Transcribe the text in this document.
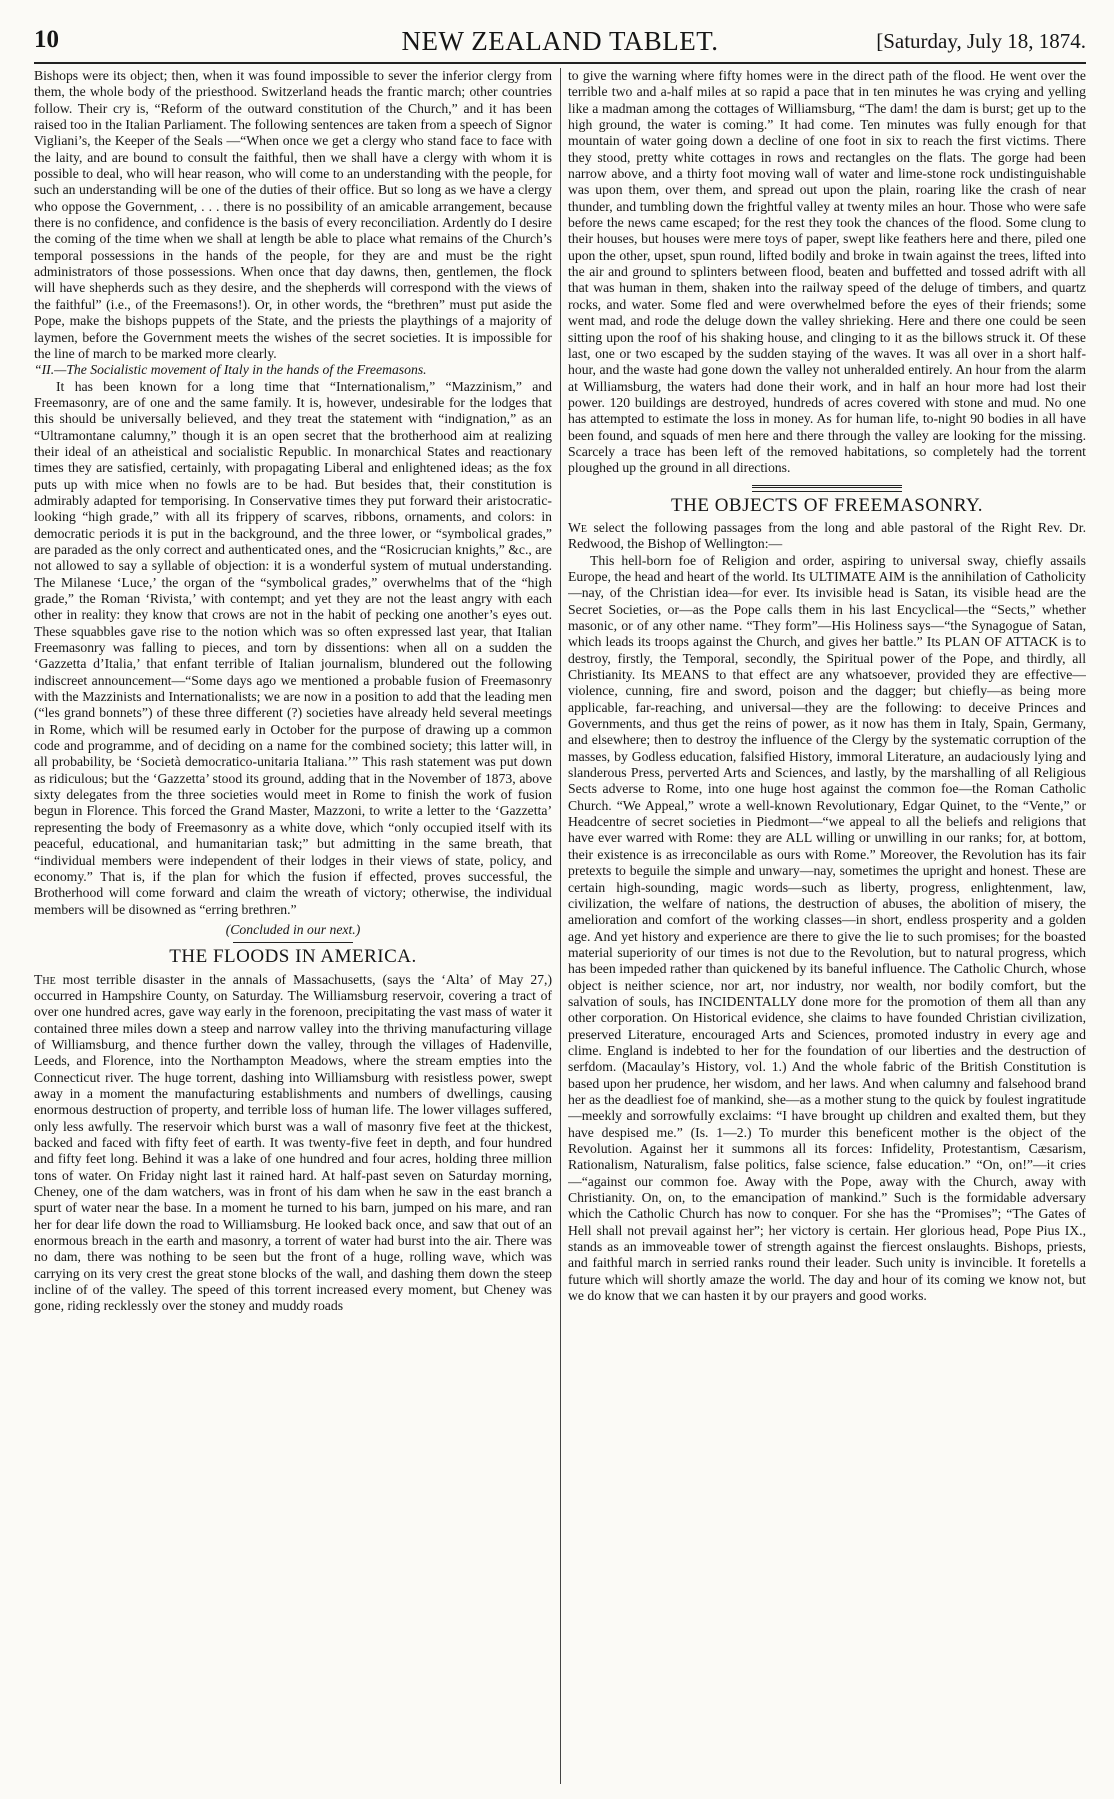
10	NEW ZEALAND TABLET.	[Saturday, July 18, 1874.

Bishops were its object; then, when it was found impossible to sever the inferior clergy from them, the whole body of the priesthood. Switzerland heads the frantic march; other countries follow. Their cry is, “Reform of the outward constitution of the Church,” and it has been raised too in the Italian Parliament. The following sentences are taken from a speech of Signor Vigliani’s, the Keeper of the Seals —“When once we get a clergy who stand face to face with the laity, and are bound to consult the faithful, then we shall have a clergy with whom it is possible to deal, who will hear reason, who will come to an understanding with the people, for such an understanding will be one of the duties of their office. But so long as we have a clergy who oppose the Government, . . . there is no possibility of an amicable arrangement, because there is no confidence, and confidence is the basis of every reconciliation. Ardently do I desire the coming of the time when we shall at length be able to place what remains of the Church’s temporal possessions in the hands of the people, for they are and must be the right administrators of those possessions. When once that day dawns, then, gentlemen, the flock will have shepherds such as they desire, and the shepherds will correspond with the views of the faithful” (i.e., of the Freemasons!). Or, in other words, the “brethren” must put aside the Pope, make the bishops puppets of the State, and the priests the playthings of a majority of laymen, before the Government meets the wishes of the secret societies. It is impossible for the line of march to be marked more clearly.

“II.—The Socialistic movement of Italy in the hands of the Freemasons.

It has been known for a long time that “Internationalism,” “Mazzinism,” and Freemasonry, are of one and the same family. It is, however, undesirable for the lodges that this should be universally believed, and they treat the statement with “indignation,” as an “Ultramontane calumny,” though it is an open secret that the brotherhood aim at realizing their ideal of an atheistical and socialistic Republic. In monarchical States and reactionary times they are satisfied, certainly, with propagating Liberal and enlightened ideas; as the fox puts up with mice when no fowls are to be had. But besides that, their constitution is admirably adapted for temporising. In Conservative times they put forward their aristocratic-looking “high grade,” with all its frippery of scarves, ribbons, ornaments, and colors: in democratic periods it is put in the background, and the three lower, or “symbolical grades,” are paraded as the only correct and authenticated ones, and the “Rosicrucian knights,” &c., are not allowed to say a syllable of objection: it is a wonderful system of mutual understanding. The Milanese ‘Luce,’ the organ of the “symbolical grades,” overwhelms that of the “high grade,” the Roman ‘Rivista,’ with contempt; and yet they are not the least angry with each other in reality: they know that crows are not in the habit of pecking one another’s eyes out. These squabbles gave rise to the notion which was so often expressed last year, that Italian Freemasonry was falling to pieces, and torn by dissentions: when all on a sudden the ‘Gazzetta d’Italia,’ that enfant terrible of Italian journalism, blundered out the following indiscreet announcement—“Some days ago we mentioned a probable fusion of Freemasonry with the Mazzinists and Internationalists; we are now in a position to add that the leading men (“les grand bonnets”) of these three different (?) societies have already held several meetings in Rome, which will be resumed early in October for the purpose of drawing up a common code and programme, and of deciding on a name for the combined society; this latter will, in all probability, be ‘Società democratico-unitaria Italiana.’” This rash statement was put down as ridiculous; but the ‘Gazzetta’ stood its ground, adding that in the November of 1873, above sixty delegates from the three societies would meet in Rome to finish the work of fusion begun in Florence. This forced the Grand Master, Mazzoni, to write a letter to the ‘Gazzetta’ representing the body of Freemasonry as a white dove, which “only occupied itself with its peaceful, educational, and humanitarian task;” but admitting in the same breath, that “individual members were independent of their lodges in their views of state, policy, and economy.” That is, if the plan for which the fusion if effected, proves successful, the Brotherhood will come forward and claim the wreath of victory; otherwise, the individual members will be disowned as “erring brethren.”

(Concluded in our next.)

THE FLOODS IN AMERICA.

The most terrible disaster in the annals of Massachusetts, (says the ‘Alta’ of May 27,) occurred in Hampshire County, on Saturday. The Williamsburg reservoir, covering a tract of over one hundred acres, gave way early in the forenoon, precipitating the vast mass of water it contained three miles down a steep and narrow valley into the thriving manufacturing village of Williamsburg, and thence further down the valley, through the villages of Hadenville, Leeds, and Florence, into the Northampton Meadows, where the stream empties into the Connecticut river. The huge torrent, dashing into Williamsburg with resistless power, swept away in a moment the manufacturing establishments and numbers of dwellings, causing enormous destruction of property, and terrible loss of human life. The lower villages suffered, only less awfully. The reservoir which burst was a wall of masonry five feet at the thickest, backed and faced with fifty feet of earth. It was twenty-five feet in depth, and four hundred and fifty feet long. Behind it was a lake of one hundred and four acres, holding three million tons of water. On Friday night last it rained hard. At half-past seven on Saturday morning, Cheney, one of the dam watchers, was in front of his dam when he saw in the east branch a spurt of water near the base. In a moment he turned to his barn, jumped on his mare, and ran her for dear life down the road to Williamsburg. He looked back once, and saw that out of an enormous breach in the earth and masonry, a torrent of water had burst into the air. There was no dam, there was nothing to be seen but the front of a huge, rolling wave, which was carrying on its very crest the great stone blocks of the wall, and dashing them down the steep incline of of the valley. The speed of this torrent increased every moment, but Cheney was gone, riding recklessly over the stoney and muddy roads

to give the warning where fifty homes were in the direct path of the flood. He went over the terrible two and a-half miles at so rapid a pace that in ten minutes he was crying and yelling like a madman among the cottages of Williamsburg, “The dam! the dam is burst; get up to the high ground, the water is coming.” It had come. Ten minutes was fully enough for that mountain of water going down a decline of one foot in six to reach the first victims. There they stood, pretty white cottages in rows and rectangles on the flats. The gorge had been narrow above, and a thirty foot moving wall of water and lime-stone rock undistinguishable was upon them, over them, and spread out upon the plain, roaring like the crash of near thunder, and tumbling down the frightful valley at twenty miles an hour. Those who were safe before the news came escaped; for the rest they took the chances of the flood. Some clung to their houses, but houses were mere toys of paper, swept like feathers here and there, piled one upon the other, upset, spun round, lifted bodily and broke in twain against the trees, lifted into the air and ground to splinters between flood, beaten and buffetted and tossed adrift with all that was human in them, shaken into the railway speed of the deluge of timbers, and quartz rocks, and water. Some fled and were overwhelmed before the eyes of their friends; some went mad, and rode the deluge down the valley shrieking. Here and there one could be seen sitting upon the roof of his shaking house, and clinging to it as the billows struck it. Of these last, one or two escaped by the sudden staying of the waves. It was all over in a short half-hour, and the waste had gone down the valley not unheralded entirely. An hour from the alarm at Williamsburg, the waters had done their work, and in half an hour more had lost their power. 120 buildings are destroyed, hundreds of acres covered with stone and mud. No one has attempted to estimate the loss in money. As for human life, to-night 90 bodies in all have been found, and squads of men here and there through the valley are looking for the missing. Scarcely a trace has been left of the removed habitations, so completely had the torrent ploughed up the ground in all directions.

THE OBJECTS OF FREEMASONRY.

We select the following passages from the long and able pastoral of the Right Rev. Dr. Redwood, the Bishop of Wellington:—

This hell-born foe of Religion and order, aspiring to universal sway, chiefly assails Europe, the head and heart of the world. Its ULTIMATE AIM is the annihilation of Catholicity—nay, of the Christian idea—for ever. Its invisible head is Satan, its visible head are the Secret Societies, or—as the Pope calls them in his last Encyclical—the “Sects,” whether masonic, or of any other name. “They form”—His Holiness says—“the Synagogue of Satan, which leads its troops against the Church, and gives her battle.” Its PLAN OF ATTACK is to destroy, firstly, the Temporal, secondly, the Spiritual power of the Pope, and thirdly, all Christianity. Its MEANS to that effect are any whatsoever, provided they are effective—violence, cunning, fire and sword, poison and the dagger; but chiefly—as being more applicable, far-reaching, and universal—they are the following: to deceive Princes and Governments, and thus get the reins of power, as it now has them in Italy, Spain, Germany, and elsewhere; then to destroy the influence of the Clergy by the systematic corruption of the masses, by Godless education, falsified History, immoral Literature, an audaciously lying and slanderous Press, perverted Arts and Sciences, and lastly, by the marshalling of all Religious Sects adverse to Rome, into one huge host against the common foe—the Roman Catholic Church. “We Appeal,” wrote a well-known Revolutionary, Edgar Quinet, to the “Vente,” or Headcentre of secret societies in Piedmont—“we appeal to all the beliefs and religions that have ever warred with Rome: they are ALL willing or unwilling in our ranks; for, at bottom, their existence is as irreconcilable as ours with Rome.” Moreover, the Revolution has its fair pretexts to beguile the simple and unwary—nay, sometimes the upright and honest. These are certain high-sounding, magic words—such as liberty, progress, enlightenment, law, civilization, the welfare of nations, the destruction of abuses, the abolition of misery, the amelioration and comfort of the working classes—in short, endless prosperity and a golden age. And yet history and experience are there to give the lie to such promises; for the boasted material superiority of our times is not due to the Revolution, but to natural progress, which has been impeded rather than quickened by its baneful influence. The Catholic Church, whose object is neither science, nor art, nor industry, nor wealth, nor bodily comfort, but the salvation of souls, has INCIDENTALLY done more for the promotion of them all than any other corporation. On Historical evidence, she claims to have founded Christian civilization, preserved Literature, encouraged Arts and Sciences, promoted industry in every age and clime. England is indebted to her for the foundation of our liberties and the destruction of serfdom. (Macaulay’s History, vol. 1.) And the whole fabric of the British Constitution is based upon her prudence, her wisdom, and her laws. And when calumny and falsehood brand her as the deadliest foe of mankind, she—as a mother stung to the quick by foulest ingratitude—meekly and sorrowfully exclaims: “I have brought up children and exalted them, but they have despised me.” (Is. 1—2.) To murder this beneficent mother is the object of the Revolution. Against her it summons all its forces: Infidelity, Protestantism, Cæsarism, Rationalism, Naturalism, false politics, false science, false education.” “On, on!”—it cries—“against our common foe. Away with the Pope, away with the Church, away with Christianity. On, on, to the emancipation of mankind.” Such is the formidable adversary which the Catholic Church has now to conquer. For she has the “Promises”; “The Gates of Hell shall not prevail against her”; her victory is certain. Her glorious head, Pope Pius IX., stands as an immoveable tower of strength against the fiercest onslaughts. Bishops, priests, and faithful march in serried ranks round their leader. Such unity is invincible. It foretells a future which will shortly amaze the world. The day and hour of its coming we know not, but we do know that we can hasten it by our prayers and good works.
